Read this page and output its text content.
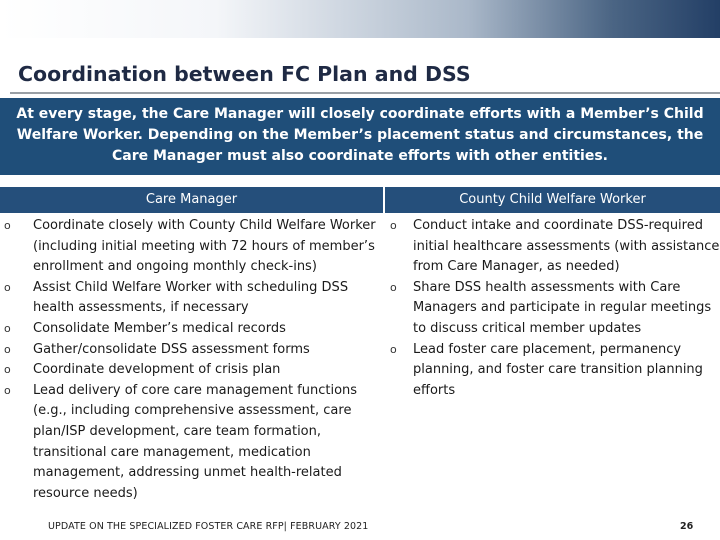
Coordination between FC Plan and DSS
At every stage, the Care Manager will closely coordinate efforts with a Member’s Child Welfare Worker. Depending on the Member’s placement status and circumstances, the Care Manager must also coordinate efforts with other entities.
Care Manager	County Child Welfare Worker
o Coordinate closely with County Child Welfare Worker (including initial meeting with 72 hours of member’s enrollment and ongoing monthly check-ins)
o Assist Child Welfare Worker with scheduling DSS health assessments, if necessary
o Consolidate Member’s medical records
o Gather/consolidate DSS assessment forms
o Coordinate development of crisis plan
o Lead delivery of core care management functions (e.g., including comprehensive assessment, care plan/ISP development, care team formation, transitional care management, medication management, addressing unmet health-related resource needs)
o Conduct intake and coordinate DSS-required initial healthcare assessments (with assistance from Care Manager, as needed)
o Share DSS health assessments with Care Managers and participate in regular meetings to discuss critical member updates
o Lead foster care placement, permanency planning, and foster care transition planning efforts
UPDATE ON THE SPECIALIZED FOSTER CARE RFP| FEBRUARY 2021	26
